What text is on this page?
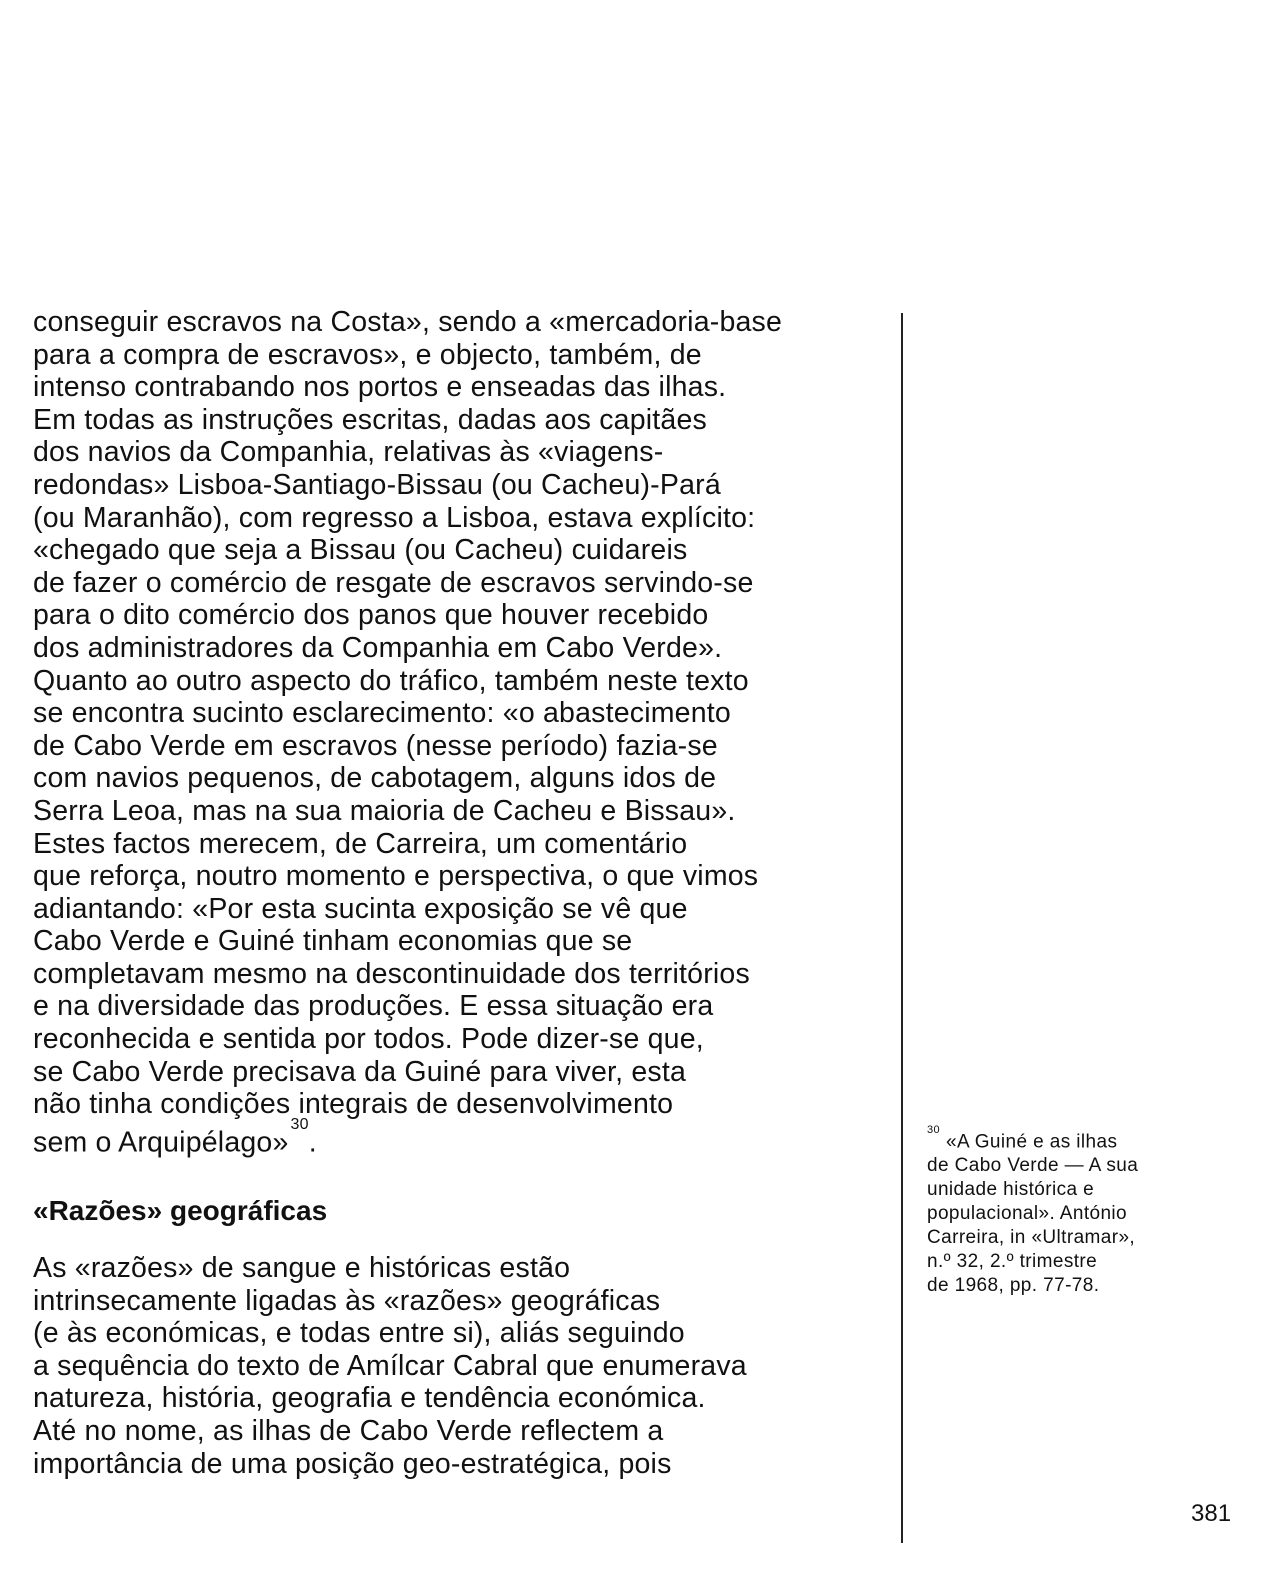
conseguir escravos na Costa», sendo a «mercadoria-base
para a compra de escravos», e objecto, também, de
intenso contrabando nos portos e enseadas das ilhas.
Em todas as instruções escritas, dadas aos capitães
dos navios da Companhia, relativas às «viagens-
redondas» Lisboa-Santiago-Bissau (ou Cacheu)-Pará
(ou Maranhão), com regresso a Lisboa, estava explícito:
«chegado que seja a Bissau (ou Cacheu) cuidareis
de fazer o comércio de resgate de escravos servindo-se
para o dito comércio dos panos que houver recebido
dos administradores da Companhia em Cabo Verde».
Quanto ao outro aspecto do tráfico, também neste texto
se encontra sucinto esclarecimento: «o abastecimento
de Cabo Verde em escravos (nesse período) fazia-se
com navios pequenos, de cabotagem, alguns idos de
Serra Leoa, mas na sua maioria de Cacheu e Bissau».
Estes factos merecem, de Carreira, um comentário
que reforça, noutro momento e perspectiva, o que vimos
adiantando: «Por esta sucinta exposição se vê que
Cabo Verde e Guiné tinham economias que se
completavam mesmo na descontinuidade dos territórios
e na diversidade das produções. E essa situação era
reconhecida e sentida por todos. Pode dizer-se que,
se Cabo Verde precisava da Guiné para viver, esta
não tinha condições integrais de desenvolvimento
sem o Arquipélago»$^{30}$.
«Razões» geográficas
As «razões» de sangue e históricas estão
intrinsecamente ligadas às «razões» geográficas
(e às económicas, e todas entre si), aliás seguindo
a sequência do texto de Amílcar Cabral que enumerava
natureza, história, geografia e tendência económica.
Até no nome, as ilhas de Cabo Verde reflectem a
importância de uma posição geo-estratégica, pois
$^{30}$«A Guiné e as ilhas
de Cabo Verde — A sua
unidade histórica e
populacional». António
Carreira, in «Ultramar»,
n.º 32, 2.º trimestre
de 1968, pp. 77-78.
381
